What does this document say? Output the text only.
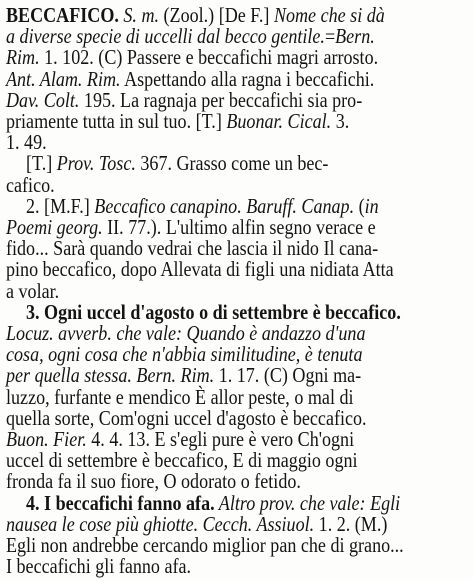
BECCAFICO. S. m. (Zool.) [De F.] Nome che si dà
a diverse specie di uccelli dal becco gentile.=Bern.
Rim. 1. 102. (C) Passere e beccafichi magri arrosto.
Ant. Alam. Rim. Aspettando alla ragna i beccafichi.
Dav. Colt. 195. La ragnaja per beccafichi sia pro-
priamente tutta in sul tuo. [T.] Buonar. Cical. 3.
1. 49.
[T.] Prov. Tosc. 367. Grasso come un bec-
cafico.
2. [M.F.] Beccafico canapino. Baruff. Canap. (in
Poemi georg. II. 77.). L'ultimo alfin segno verace e
fido... Sarà quando vedrai che lascia il nido Il cana-
pino beccafico, dopo Allevata di figli una nidiata Atta
a volar.
3. Ogni uccel d'agosto o di settembre è beccafico.
Locuz. avverb. che vale: Quando è andazzo d'una
cosa, ogni cosa che n'abbia similitudine, è tenuta
per quella stessa. Bern. Rim. 1. 17. (C) Ogni ma-
luzzo, furfante e mendico È allor peste, o mal di
quella sorte, Com'ogni uccel d'agosto è beccafico.
Buon. Fier. 4. 4. 13. E s'egli pure è vero Ch'ogni
uccel di settembre è beccafico, E di maggio ogni
fronda fa il suo fiore, O odorato o fetido.
4. I beccafichi fanno afa. Altro prov. che vale: Egli
nausea le cose più ghiotte. Cecch. Assiuol. 1. 2. (M.)
Egli non andrebbe cercando miglior pan che di grano...
I beccafichi gli fanno afa.
